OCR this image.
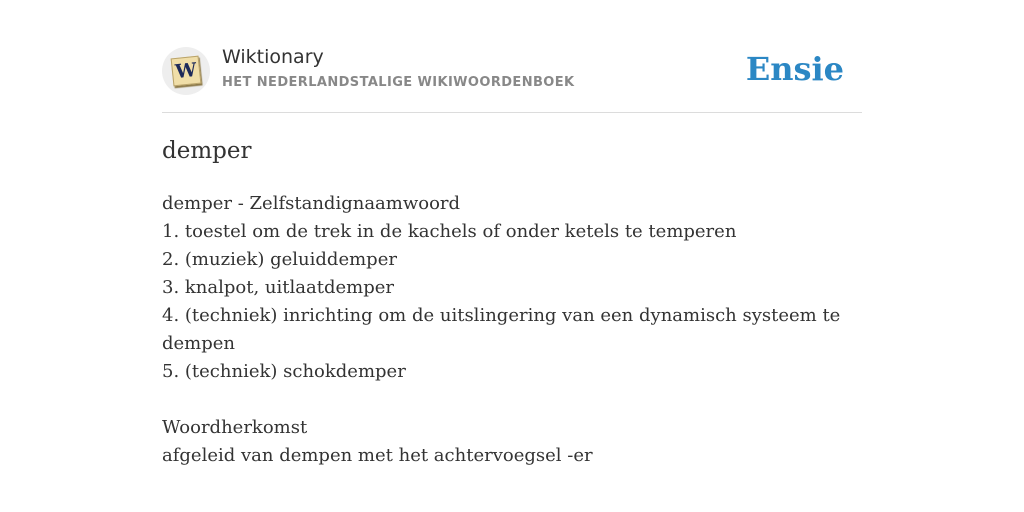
W
Wiktionary
HET NEDERLANDSTALIGE WIKIWOORDENBOEK	Ensie
demper
demper - Zelfstandignaamwoord
1. toestel om de trek in de kachels of onder ketels te temperen
2. (muziek) geluiddemper
3. knalpot, uitlaatdemper
4. (techniek) inrichting om de uitslingering van een dynamisch systeem te dempen
5. (techniek) schokdemper
Woordherkomst
afgeleid van dempen met het achtervoegsel -er
